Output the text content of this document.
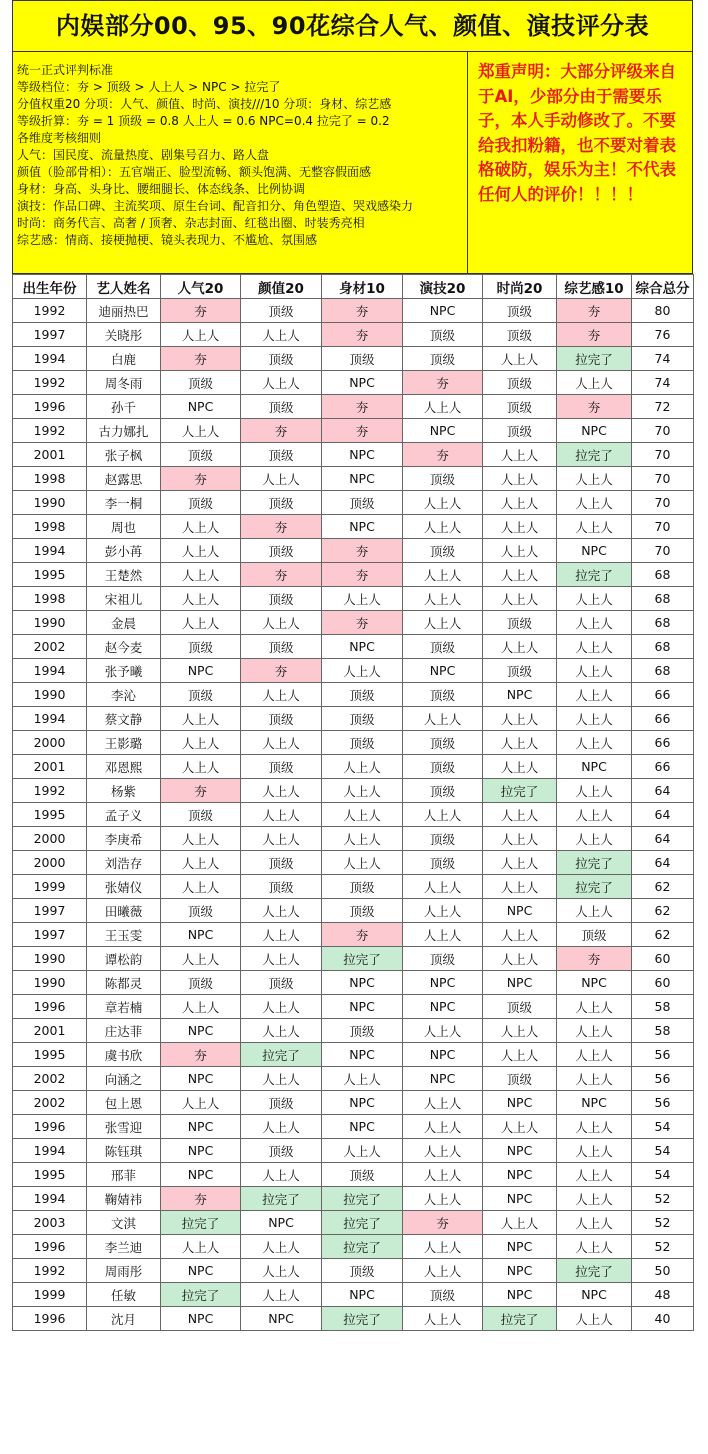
内娱部分00、95、90花综合人气、颜值、演技评分表
统一正式评判标准
等级档位：夯 > 顶级 > 人上人 > NPC > 拉完了
分值权重20 分项：人气、颜值、时尚、演技///10 分项：身材、综艺感
等级折算：夯 = 1 顶级 = 0.8 人上人 = 0.6 NPC=0.4 拉完了 = 0.2
各维度考核细则
人气：国民度、流量热度、剧集号召力、路人盘
颜值（脸部骨相）：五官端正、脸型流畅、额头饱满、无整容假面感
身材：身高、头身比、腰细腿长、体态线条、比例协调
演技：作品口碑、主流奖项、原生台词、配音扣分、角色塑造、哭戏感染力
时尚：商务代言、高奢 / 顶奢、杂志封面、红毯出圈、时装秀亮相
综艺感：情商、接梗抛梗、镜头表现力、不尴尬、氛围感
郑重声明：大部分评级来自于AI，少部分由于需要乐子，本人手动修改了。不要给我扣粉籍，也不要对着表格破防，娱乐为主！不代表任何人的评价！！！！
出生年份	艺人姓名	人气20	颜值20	身材10	演技20	时尚20	综艺感10	综合总分
1992	迪丽热巴	夯	顶级	夯	NPC	顶级	夯	80
1997	关晓彤	人上人	人上人	夯	顶级	顶级	夯	76
1994	白鹿	夯	顶级	顶级	顶级	人上人	拉完了	74
1992	周冬雨	顶级	人上人	NPC	夯	顶级	人上人	74
1996	孙千	NPC	顶级	夯	人上人	顶级	夯	72
1992	古力娜扎	人上人	夯	夯	NPC	顶级	NPC	70
2001	张子枫	顶级	顶级	NPC	夯	人上人	拉完了	70
1998	赵露思	夯	人上人	NPC	顶级	人上人	人上人	70
1990	李一桐	顶级	顶级	顶级	人上人	人上人	人上人	70
1998	周也	人上人	夯	NPC	人上人	人上人	人上人	70
1994	彭小苒	人上人	顶级	夯	顶级	人上人	NPC	70
1995	王楚然	人上人	夯	夯	人上人	人上人	拉完了	68
1998	宋祖儿	人上人	顶级	人上人	人上人	人上人	人上人	68
1990	金晨	人上人	人上人	夯	人上人	顶级	人上人	68
2002	赵今麦	顶级	顶级	NPC	顶级	人上人	人上人	68
1994	张予曦	NPC	夯	人上人	NPC	顶级	人上人	68
1990	李沁	顶级	人上人	顶级	顶级	NPC	人上人	66
1994	蔡文静	人上人	顶级	顶级	人上人	人上人	人上人	66
2000	王影璐	人上人	人上人	顶级	顶级	人上人	人上人	66
2001	邓恩熙	人上人	顶级	人上人	顶级	人上人	NPC	66
1992	杨紫	夯	人上人	人上人	顶级	拉完了	人上人	64
1995	孟子义	顶级	人上人	人上人	人上人	人上人	人上人	64
2000	李庚希	人上人	人上人	人上人	顶级	人上人	人上人	64
2000	刘浩存	人上人	顶级	人上人	顶级	人上人	拉完了	64
1999	张婧仪	人上人	顶级	顶级	人上人	人上人	拉完了	62
1997	田曦薇	顶级	人上人	顶级	人上人	NPC	人上人	62
1997	王玉雯	NPC	人上人	夯	人上人	人上人	顶级	62
1990	谭松韵	人上人	人上人	拉完了	顶级	人上人	夯	60
1990	陈都灵	顶级	顶级	NPC	NPC	NPC	NPC	60
1996	章若楠	人上人	人上人	NPC	NPC	顶级	人上人	58
2001	庄达菲	NPC	人上人	顶级	人上人	人上人	人上人	58
1995	虞书欣	夯	拉完了	NPC	NPC	人上人	人上人	56
2002	向涵之	NPC	人上人	人上人	NPC	顶级	人上人	56
2002	包上恩	人上人	顶级	NPC	人上人	NPC	NPC	56
1996	张雪迎	NPC	人上人	NPC	人上人	人上人	人上人	54
1994	陈钰琪	NPC	顶级	人上人	人上人	NPC	人上人	54
1995	邢菲	NPC	人上人	顶级	人上人	NPC	人上人	54
1994	鞠婧祎	夯	拉完了	拉完了	人上人	NPC	人上人	52
2003	文淇	拉完了	NPC	拉完了	夯	人上人	人上人	52
1996	李兰迪	人上人	人上人	拉完了	人上人	NPC	人上人	52
1992	周雨彤	NPC	人上人	顶级	人上人	NPC	拉完了	50
1999	任敏	拉完了	人上人	NPC	顶级	NPC	NPC	48
1996	沈月	NPC	NPC	拉完了	人上人	拉完了	人上人	40
